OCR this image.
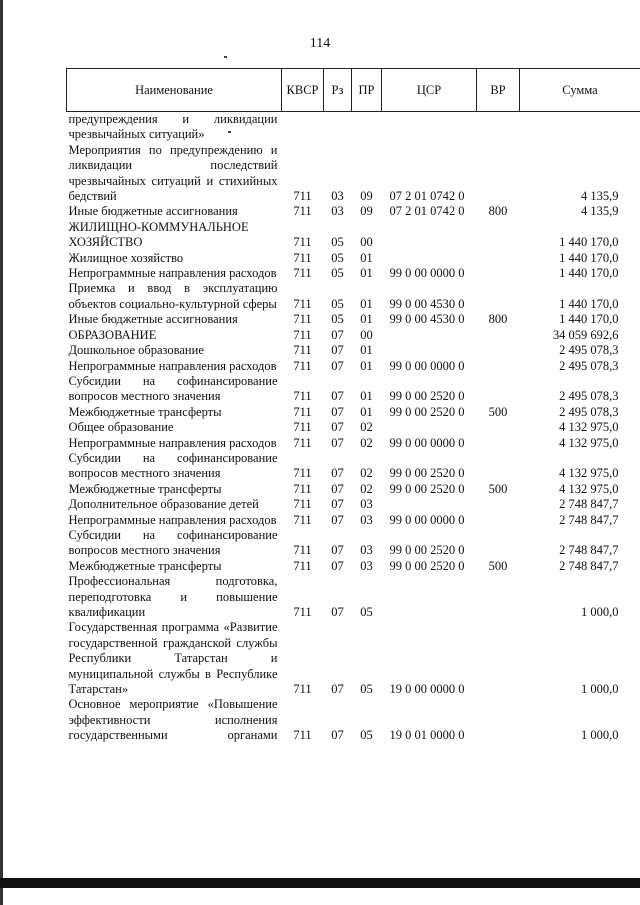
114
Наименование	КВСР	Рз	ПР	ЦСР	ВР	Сумма
предупреждения и ликвидации чрезвычайных ситуаций»						
Мероприятия по предупреждению и ликвидации последствий чрезвычайных ситуаций и стихийных бедствий	711	03	09	07 2 01 0742 0		4 135,9
Иные бюджетные ассигнования	711	03	09	07 2 01 0742 0	800	4 135,9
ЖИЛИЩНО-КОММУНАЛЬНОЕ ХОЗЯЙСТВО	711	05	00			1 440 170,0
Жилищное хозяйство	711	05	01			1 440 170,0
Непрограммные направления расходов	711	05	01	99 0 00 0000 0		1 440 170,0
Приемка и ввод в эксплуатацию объектов социально-культурной сферы	711	05	01	99 0 00 4530 0		1 440 170,0
Иные бюджетные ассигнования	711	05	01	99 0 00 4530 0	800	1 440 170,0
ОБРАЗОВАНИЕ	711	07	00			34 059 692,6
Дошкольное образование	711	07	01			2 495 078,3
Непрограммные направления расходов	711	07	01	99 0 00 0000 0		2 495 078,3
Субсидии на софинансирование вопросов местного значения	711	07	01	99 0 00 2520 0		2 495 078,3
Межбюджетные трансферты	711	07	01	99 0 00 2520 0	500	2 495 078,3
Общее образование	711	07	02			4 132 975,0
Непрограммные направления расходов	711	07	02	99 0 00 0000 0		4 132 975,0
Субсидии на софинансирование вопросов местного значения	711	07	02	99 0 00 2520 0		4 132 975,0
Межбюджетные трансферты	711	07	02	99 0 00 2520 0	500	4 132 975,0
Дополнительное образование детей	711	07	03			2 748 847,7
Непрограммные направления расходов	711	07	03	99 0 00 0000 0		2 748 847,7
Субсидии на софинансирование вопросов местного значения	711	07	03	99 0 00 2520 0		2 748 847,7
Межбюджетные трансферты	711	07	03	99 0 00 2520 0	500	2 748 847,7
Профессиональная подготовка, переподготовка и повышение квалификации	711	07	05			1 000,0
Государственная программа «Развитие государственной гражданской службы Республики Татарстан и муниципальной службы в Республике Татарстан»	711	07	05	19 0 00 0000 0		1 000,0
Основное мероприятие «Повышение эффективности исполнения государственными органами	711	07	05	19 0 01 0000 0		1 000,0
